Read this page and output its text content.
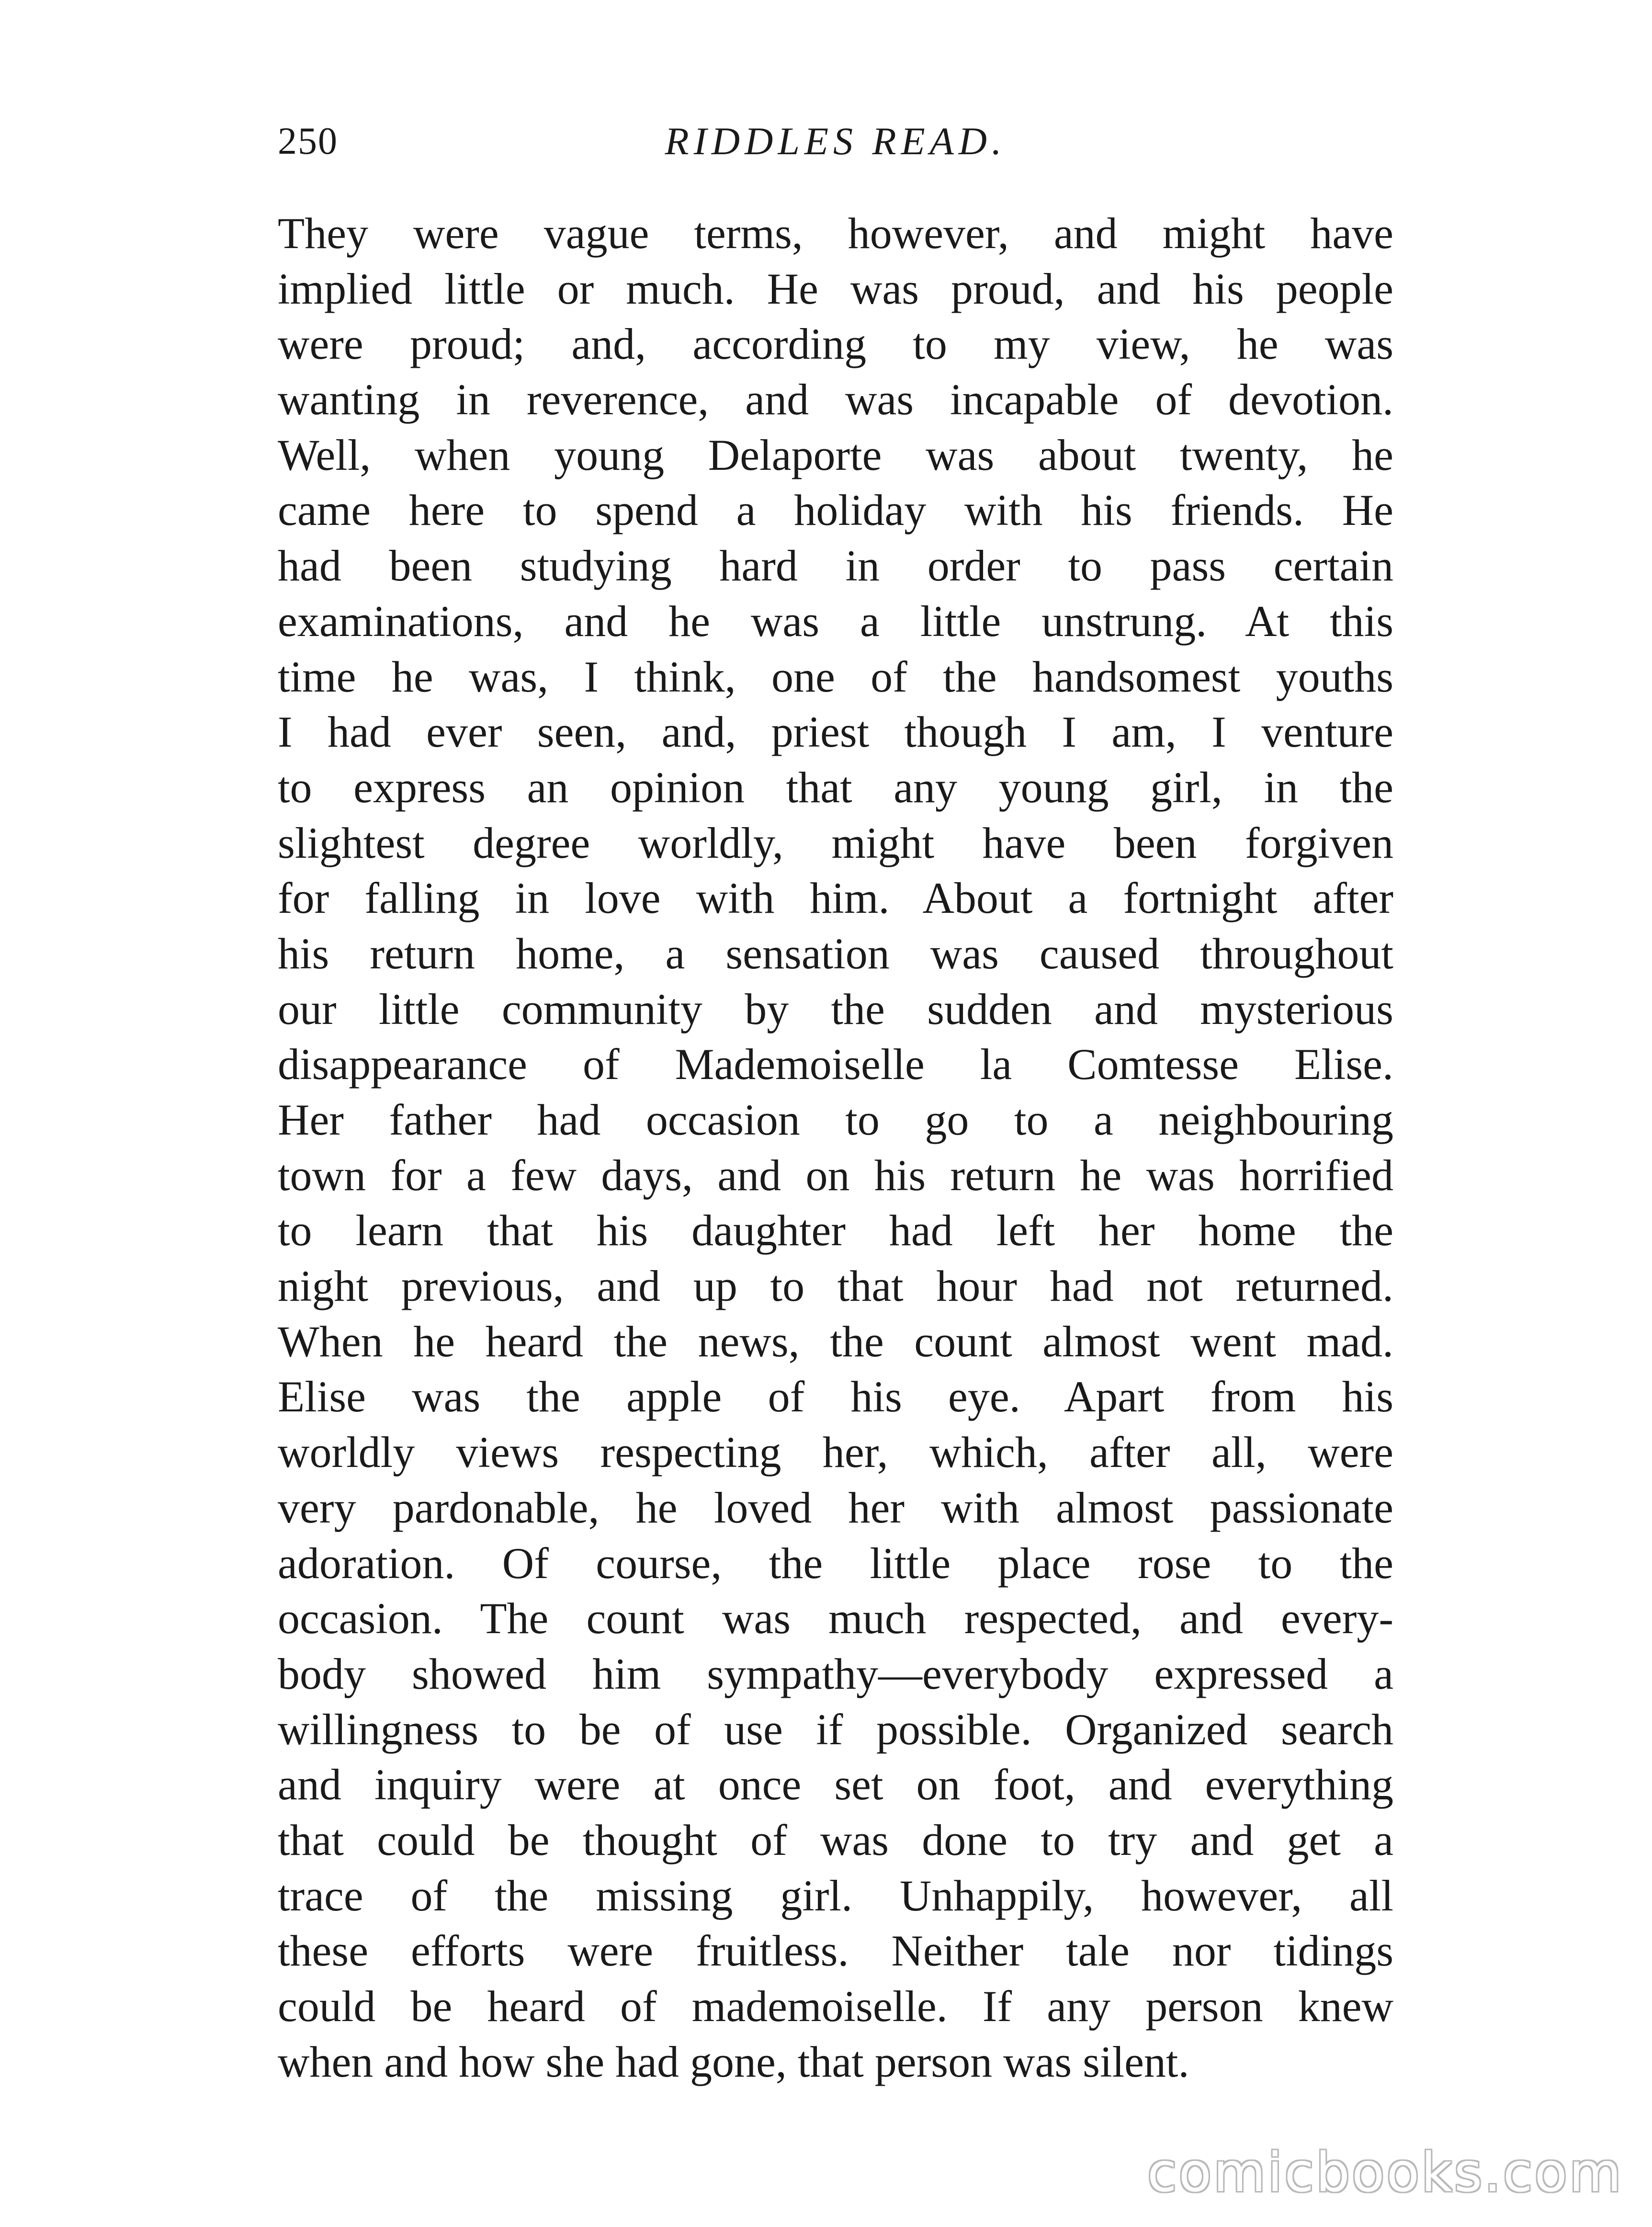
250	RIDDLES READ.
They were vague terms, however, and might have
implied little or much. He was proud, and his people
were proud; and, according to my view, he was
wanting in reverence, and was incapable of devotion.
Well, when young Delaporte was about twenty, he
came here to spend a holiday with his friends. He
had been studying hard in order to pass certain
examinations, and he was a little unstrung. At this
time he was, I think, one of the handsomest youths
I had ever seen, and, priest though I am, I venture
to express an opinion that any young girl, in the
slightest degree worldly, might have been forgiven
for falling in love with him. About a fortnight after
his return home, a sensation was caused throughout
our little community by the sudden and mysterious
disappearance of Mademoiselle la Comtesse Elise.
Her father had occasion to go to a neighbouring
town for a few days, and on his return he was horrified
to learn that his daughter had left her home the
night previous, and up to that hour had not returned.
When he heard the news, the count almost went mad.
Elise was the apple of his eye. Apart from his
worldly views respecting her, which, after all, were
very pardonable, he loved her with almost passionate
adoration. Of course, the little place rose to the
occasion. The count was much respected, and every-
body showed him sympathy—everybody expressed a
willingness to be of use if possible. Organized search
and inquiry were at once set on foot, and everything
that could be thought of was done to try and get a
trace of the missing girl. Unhappily, however, all
these efforts were fruitless. Neither tale nor tidings
could be heard of mademoiselle. If any person knew
when and how she had gone, that person was silent.
comicbooks.com
